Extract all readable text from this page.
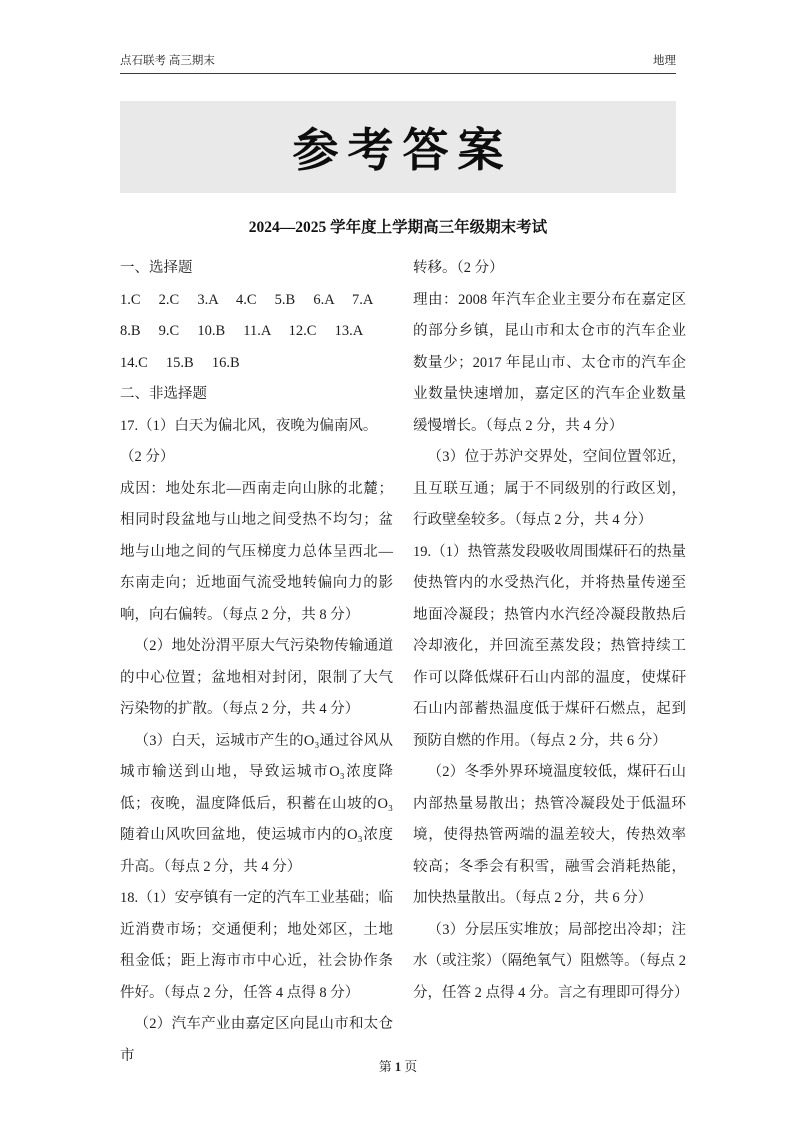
点石联考 高三期末	地理
参考答案

2024—2025 学年度上学期高三年级期末考试

一、选择题

1.C 2.C 3.A 4.C 5.B 6.A 7.A

8.B 9.C 10.B 11.A 12.C 13.A

14.C 15.B 16.B

二、非选择题

17.（1）白天为偏北风，夜晚为偏南风。

（2 分）

成因：地处东北—西南走向山脉的北麓；相同时段盆地与山地之间受热不均匀；盆地与山地之间的气压梯度力总体呈西北—东南走向；近地面气流受地转偏向力的影响，向右偏转。（每点 2 分，共 8 分）

（2）地处汾渭平原大气污染物传输通道的中心位置；盆地相对封闭，限制了大气污染物的扩散。（每点 2 分，共 4 分）

（3）白天，运城市产生的O₃通过谷风从城市输送到山地，导致运城市O₃浓度降低；夜晚，温度降低后，积蓄在山坡的O₃随着山风吹回盆地，使运城市内的O₃浓度升高。（每点 2 分，共 4 分）

18.（1）安亭镇有一定的汽车工业基础；临近消费市场；交通便利；地处郊区，土地租金低；距上海市市中心近，社会协作条件好。（每点 2 分，任答 4 点得 8 分）

（2）汽车产业由嘉定区向昆山市和太仓市

转移。（2 分）

理由：2008 年汽车企业主要分布在嘉定区的部分乡镇，昆山市和太仓市的汽车企业数量少；2017 年昆山市、太仓市的汽车企业数量快速增加，嘉定区的汽车企业数量缓慢增长。（每点 2 分，共 4 分）

（3）位于苏沪交界处，空间位置邻近，且互联互通；属于不同级别的行政区划，行政壁垒较多。（每点 2 分，共 4 分）

19.（1）热管蒸发段吸收周围煤矸石的热量使热管内的水受热汽化，并将热量传递至地面冷凝段；热管内水汽经冷凝段散热后冷却液化，并回流至蒸发段；热管持续工作可以降低煤矸石山内部的温度，使煤矸石山内部蓄热温度低于煤矸石燃点，起到预防自燃的作用。（每点 2 分，共 6 分）

（2）冬季外界环境温度较低，煤矸石山内部热量易散出；热管冷凝段处于低温环境，使得热管两端的温差较大，传热效率较高；冬季会有积雪，融雪会消耗热能，加快热量散出。（每点 2 分，共 6 分）

（3）分层压实堆放；局部挖出冷却；注水（或注浆）（隔绝氧气）阻燃等。（每点 2 分，任答 2 点得 4 分。言之有理即可得分）

第 1 页
